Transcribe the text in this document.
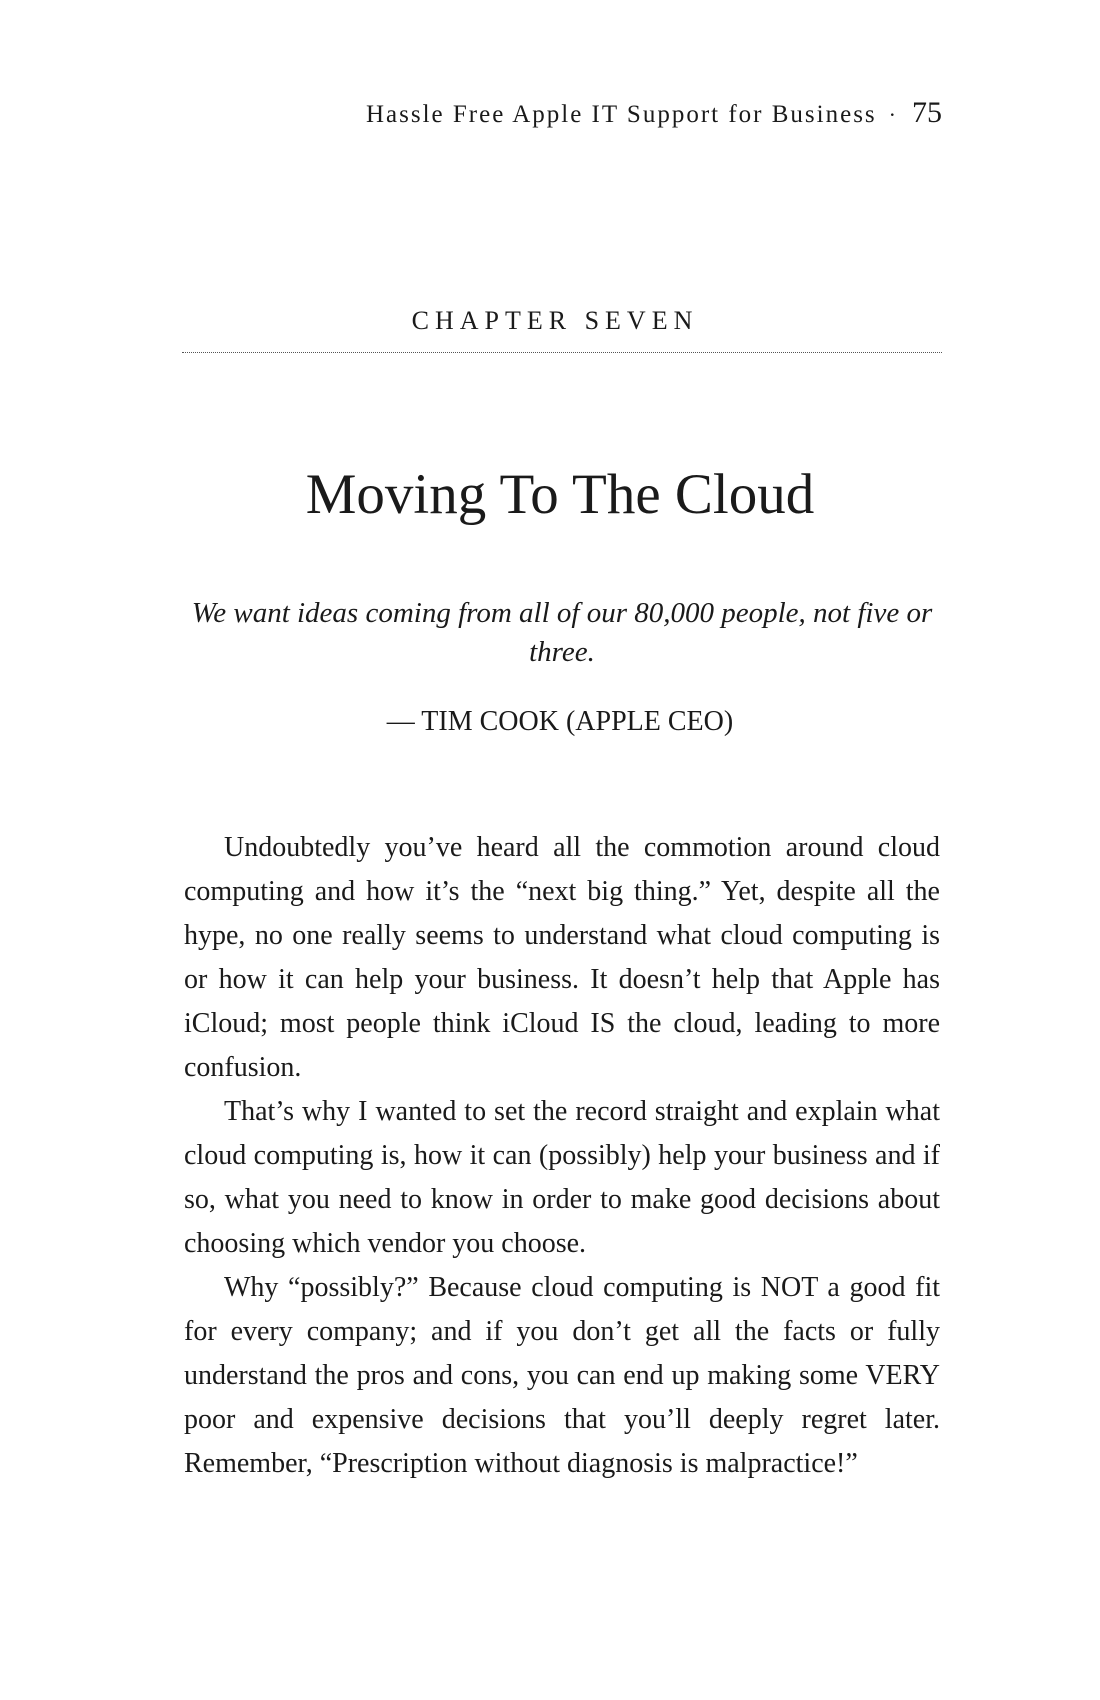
Hassle Free Apple IT Support for Business · 75
CHAPTER SEVEN
Moving To The Cloud

We want ideas coming from all of our 80,000 people, not five or three.

— TIM COOK (APPLE CEO)

Undoubtedly you’ve heard all the commotion around cloud computing and how it’s the “next big thing.” Yet, despite all the hype, no one really seems to understand what cloud computing is or how it can help your business. It doesn’t help that Apple has iCloud; most people think iCloud IS the cloud, leading to more confusion.

That’s why I wanted to set the record straight and explain what cloud computing is, how it can (possibly) help your business and if so, what you need to know in order to make good decisions about choosing which vendor you choose.

Why “possibly?” Because cloud computing is NOT a good fit for every company; and if you don’t get all the facts or fully understand the pros and cons, you can end up making some VERY poor and expensive decisions that you’ll deeply regret later. Remember, “Prescription without diagnosis is malpractice!”
